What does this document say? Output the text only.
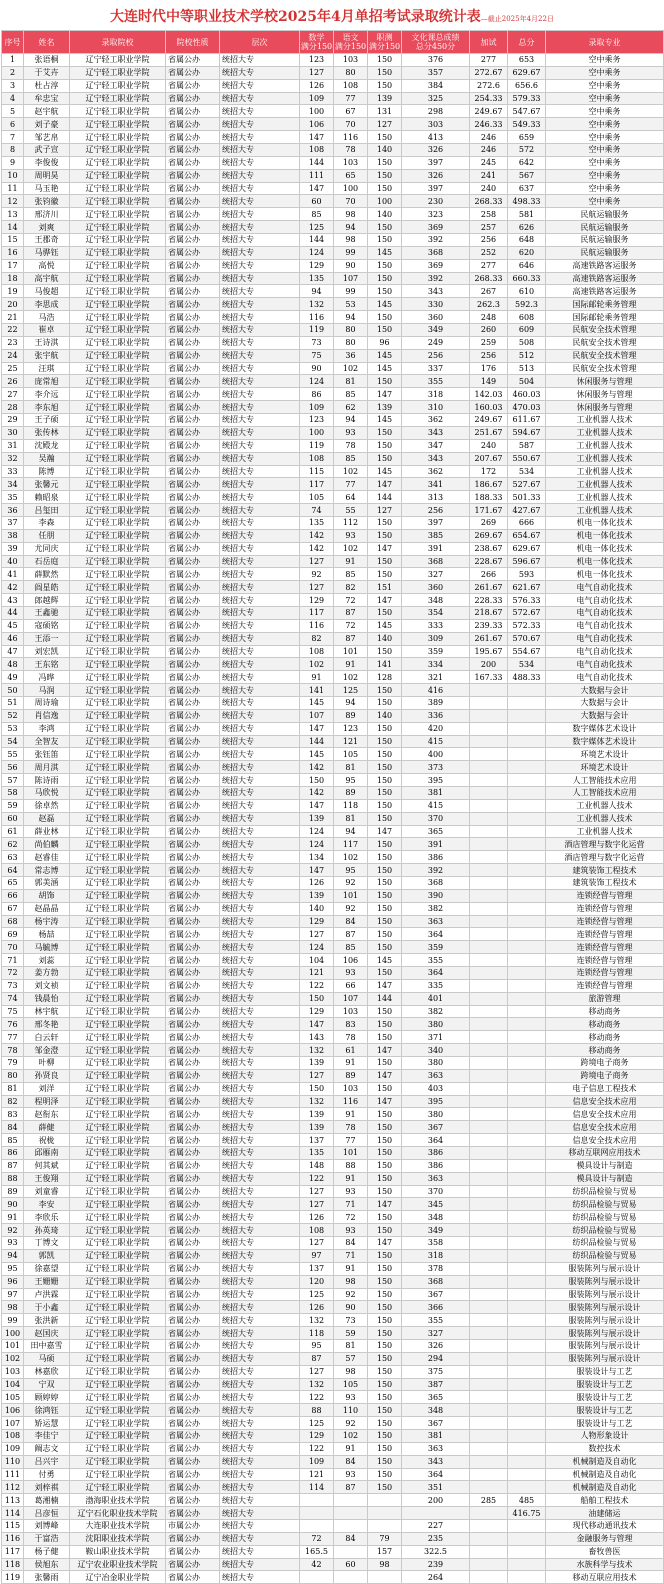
大连时代中等职业技术学校2025年4月单招考试录取统计表—截止2025年4月22日
序号	姓名	录取院校	院校性质	层次	数学
满分150	语文
满分150	职测
满分150	文化课总成绩
总分450分	加试	总分	录取专业
1	张语桐	辽宁轻工职业学院	省属公办	统招大专	123	103	150	376	277	653	空中乘务
2	于艾卉	辽宁轻工职业学院	省属公办	统招大专	127	80	150	357	272.67	629.67	空中乘务
3	杜占淳	辽宁轻工职业学院	省属公办	统招大专	126	108	150	384	272.6	656.6	空中乘务
4	牟忠宝	辽宁轻工职业学院	省属公办	统招大专	109	77	139	325	254.33	579.33	空中乘务
5	赵宇航	辽宁轻工职业学院	省属公办	统招大专	100	67	131	298	249.67	547.67	空中乘务
6	刘子豪	辽宁轻工职业学院	省属公办	统招大专	106	70	127	303	246.33	549.33	空中乘务
7	邹艺帛	辽宁轻工职业学院	省属公办	统招大专	147	116	150	413	246	659	空中乘务
8	武子宣	辽宁轻工职业学院	省属公办	统招大专	108	78	140	326	246	572	空中乘务
9	李俊俊	辽宁轻工职业学院	省属公办	统招大专	144	103	150	397	245	642	空中乘务
10	周明昊	辽宁轻工职业学院	省属公办	统招大专	111	65	150	326	241	567	空中乘务
11	马玉艳	辽宁轻工职业学院	省属公办	统招大专	147	100	150	397	240	637	空中乘务
12	张钧徽	辽宁轻工职业学院	省属公办	统招大专	60	70	100	230	268.33	498.33	空中乘务
13	邢济川	辽宁轻工职业学院	省属公办	统招大专	85	98	140	323	258	581	民航运输服务
14	刘爽	辽宁轻工职业学院	省属公办	统招大专	125	94	150	369	257	626	民航运输服务
15	王郡奇	辽宁轻工职业学院	省属公办	统招大专	144	98	150	392	256	648	民航运输服务
16	马骅钰	辽宁轻工职业学院	省属公办	统招大专	124	99	145	368	252	620	民航运输服务
17	高悦	辽宁轻工职业学院	省属公办	统招大专	129	90	150	369	277	646	高速铁路客运服务
18	高宇航	辽宁轻工职业学院	省属公办	统招大专	135	107	150	392	268.33	660.33	高速铁路客运服务
19	马俊超	辽宁轻工职业学院	省属公办	统招大专	94	99	150	343	267	610	高速铁路客运服务
20	李思成	辽宁轻工职业学院	省属公办	统招大专	132	53	145	330	262.3	592.3	国际邮轮乘务管理
21	马浩	辽宁轻工职业学院	省属公办	统招大专	116	94	150	360	248	608	国际邮轮乘务管理
22	崔卓	辽宁轻工职业学院	省属公办	统招大专	119	80	150	349	260	609	民航安全技术管理
23	王诗淇	辽宁轻工职业学院	省属公办	统招大专	73	80	96	249	259	508	民航安全技术管理
24	张宇航	辽宁轻工职业学院	省属公办	统招大专	75	36	145	256	256	512	民航安全技术管理
25	汪琪	辽宁轻工职业学院	省属公办	统招大专	90	102	145	337	176	513	民航安全技术管理
26	庞常旭	辽宁轻工职业学院	省属公办	统招大专	124	81	150	355	149	504	休闲服务与管理
27	李介远	辽宁轻工职业学院	省属公办	统招大专	86	85	147	318	142.03	460.03	休闲服务与管理
28	李东旭	辽宁轻工职业学院	省属公办	统招大专	109	62	139	310	160.03	470.03	休闲服务与管理
29	王子硕	辽宁轻工职业学院	省属公办	统招大专	123	94	145	362	249.67	611.67	工业机器人技术
30	张传林	辽宁轻工职业学院	省属公办	统招大专	100	93	150	343	251.67	594.67	工业机器人技术
31	沈殿龙	辽宁轻工职业学院	省属公办	统招大专	119	78	150	347	240	587	工业机器人技术
32	吴瀚	辽宁轻工职业学院	省属公办	统招大专	108	85	150	343	207.67	550.67	工业机器人技术
33	陈博	辽宁轻工职业学院	省属公办	统招大专	115	102	145	362	172	534	工业机器人技术
34	张馨元	辽宁轻工职业学院	省属公办	统招大专	117	77	147	341	186.67	527.67	工业机器人技术
35	赖昭泉	辽宁轻工职业学院	省属公办	统招大专	105	64	144	313	188.33	501.33	工业机器人技术
36	吕玺田	辽宁轻工职业学院	省属公办	统招大专	74	55	127	256	171.67	427.67	工业机器人技术
37	李森	辽宁轻工职业学院	省属公办	统招大专	135	112	150	397	269	666	机电一体化技术
38	任朋	辽宁轻工职业学院	省属公办	统招大专	142	93	150	385	269.67	654.67	机电一体化技术
39	尤同庆	辽宁轻工职业学院	省属公办	统招大专	142	102	147	391	238.67	629.67	机电一体化技术
40	石岳庭	辽宁轻工职业学院	省属公办	统招大专	127	91	150	368	228.67	596.67	机电一体化技术
41	薛默然	辽宁轻工职业学院	省属公办	统招大专	92	85	150	327	266	593	机电一体化技术
42	阎星皓	辽宁轻工职业学院	省属公办	统招大专	127	82	151	360	261.67	621.67	电气自动化技术
43	郎越辉	辽宁轻工职业学院	省属公办	统招大专	129	72	147	348	228.33	576.33	电气自动化技术
44	王鑫驰	辽宁轻工职业学院	省属公办	统招大专	117	87	150	354	218.67	572.67	电气自动化技术
45	寇硕铭	辽宁轻工职业学院	省属公办	统招大专	116	72	145	333	239.33	572.33	电气自动化技术
46	王添一	辽宁轻工职业学院	省属公办	统招大专	82	87	140	309	261.67	570.67	电气自动化技术
47	刘宏凯	辽宁轻工职业学院	省属公办	统招大专	108	101	150	359	195.67	554.67	电气自动化技术
48	王东铭	辽宁轻工职业学院	省属公办	统招大专	102	91	141	334	200	534	电气自动化技术
49	冯晔	辽宁轻工职业学院	省属公办	统招大专	91	102	128	321	167.33	488.33	电气自动化技术
50	马润	辽宁轻工职业学院	省属公办	统招大专	141	125	150	416			大数据与会计
51	周诗瑜	辽宁轻工职业学院	省属公办	统招大专	145	94	150	389			大数据与会计
52	肖信逸	辽宁轻工职业学院	省属公办	统招大专	107	89	140	336			大数据与会计
53	李鸿	辽宁轻工职业学院	省属公办	统招大专	147	123	150	420			数字媒体艺术设计
54	全智友	辽宁轻工职业学院	省属公办	统招大专	144	121	150	415			数字媒体艺术设计
55	张钰笛	辽宁轻工职业学院	省属公办	统招大专	145	105	150	400			环境艺术设计
56	周月淇	辽宁轻工职业学院	省属公办	统招大专	142	81	150	373			环境艺术设计
57	陈诗雨	辽宁轻工职业学院	省属公办	统招大专	150	95	150	395			人工智能技术应用
58	马欣悦	辽宁轻工职业学院	省属公办	统招大专	142	89	150	381			人工智能技术应用
59	徐卓然	辽宁轻工职业学院	省属公办	统招大专	147	118	150	415			工业机器人技术
60	赵磊	辽宁轻工职业学院	省属公办	统招大专	139	81	150	370			工业机器人技术
61	薛业林	辽宁轻工职业学院	省属公办	统招大专	124	94	147	365			工业机器人技术
62	尚伯麟	辽宁轻工职业学院	省属公办	统招大专	124	117	150	391			酒店管理与数字化运营
63	赵睿佳	辽宁轻工职业学院	省属公办	统招大专	134	102	150	386			酒店管理与数字化运营
64	常志博	辽宁轻工职业学院	省属公办	统招大专	147	95	150	392			建筑装饰工程技术
65	郭美涵	辽宁轻工职业学院	省属公办	统招大专	126	92	150	368			建筑装饰工程技术
66	胡饰	辽宁轻工职业学院	省属公办	统招大专	139	101	150	390			连锁经营与管理
67	赵晶晶	辽宁轻工职业学院	省属公办	统招大专	140	92	150	382			连锁经营与管理
68	杨宇涛	辽宁轻工职业学院	省属公办	统招大专	129	84	150	363			连锁经营与管理
69	杨喆	辽宁轻工职业学院	省属公办	统招大专	127	87	150	364			连锁经营与管理
70	马毓博	辽宁轻工职业学院	省属公办	统招大专	124	85	150	359			连锁经营与管理
71	刘蕊	辽宁轻工职业学院	省属公办	统招大专	104	106	145	355			连锁经营与管理
72	姜方勃	辽宁轻工职业学院	省属公办	统招大专	121	93	150	364			连锁经营与管理
73	刘文祯	辽宁轻工职业学院	省属公办	统招大专	122	66	147	335			连锁经营与管理
74	钱晨怡	辽宁轻工职业学院	省属公办	统招大专	150	107	144	401			旅游管理
75	林宇航	辽宁轻工职业学院	省属公办	统招大专	129	103	150	382			移动商务
76	邢冬艳	辽宁轻工职业学院	省属公办	统招大专	147	83	150	380			移动商务
77	白云轩	辽宁轻工职业学院	省属公办	统招大专	143	78	150	371			移动商务
78	邹金澄	辽宁轻工职业学院	省属公办	统招大专	132	61	147	340			移动商务
79	叶柳	辽宁轻工职业学院	省属公办	统招大专	139	91	150	380			跨境电子商务
80	孙贤良	辽宁轻工职业学院	省属公办	统招大专	127	89	147	363			跨境电子商务
81	刘洋	辽宁轻工职业学院	省属公办	统招大专	150	103	150	403			电子信息工程技术
82	程明泽	辽宁轻工职业学院	省属公办	统招大专	132	116	147	395			信息安全技术应用
83	赵衔东	辽宁轻工职业学院	省属公办	统招大专	139	91	150	380			信息安全技术应用
84	薛健	辽宁轻工职业学院	省属公办	统招大专	139	78	150	367			信息安全技术应用
85	祝栊	辽宁轻工职业学院	省属公办	统招大专	137	77	150	364			信息安全技术应用
86	邱雁南	辽宁轻工职业学院	省属公办	统招大专	135	101	150	386			移动互联网应用技术
87	何其斌	辽宁轻工职业学院	省属公办	统招大专	148	88	150	386			模具设计与制造
88	王俊翔	辽宁轻工职业学院	省属公办	统招大专	122	91	150	363			模具设计与制造
89	刘童睿	辽宁轻工职业学院	省属公办	统招大专	127	93	150	370			纺织品检验与贸易
90	李安	辽宁轻工职业学院	省属公办	统招大专	127	71	147	345			纺织品检验与贸易
91	李欣乐	辽宁轻工职业学院	省属公办	统招大专	126	72	150	348			纺织品检验与贸易
92	孙英琦	辽宁轻工职业学院	省属公办	统招大专	108	93	150	349			纺织品检验与贸易
93	丁博文	辽宁轻工职业学院	省属公办	统招大专	127	84	147	358			纺织品检验与贸易
94	郭凯	辽宁轻工职业学院	省属公办	统招大专	97	71	150	318			纺织品检验与贸易
95	徐嘉望	辽宁轻工职业学院	省属公办	统招大专	137	91	150	378			服装陈列与展示设计
96	王姗姗	辽宁轻工职业学院	省属公办	统招大专	120	98	150	368			服装陈列与展示设计
97	卢洪霖	辽宁轻工职业学院	省属公办	统招大专	125	92	150	367			服装陈列与展示设计
98	于小鑫	辽宁轻工职业学院	省属公办	统招大专	126	90	150	366			服装陈列与展示设计
99	张洪新	辽宁轻工职业学院	省属公办	统招大专	132	73	150	355			服装陈列与展示设计
100	赵国庆	辽宁轻工职业学院	省属公办	统招大专	118	59	150	327			服装陈列与展示设计
101	田中嘉雪	辽宁轻工职业学院	省属公办	统招大专	95	81	150	326			服装陈列与展示设计
102	马硕	辽宁轻工职业学院	省属公办	统招大专	87	57	150	294			服装陈列与展示设计
103	林嘉欣	辽宁轻工职业学院	省属公办	统招大专	127	98	150	375			服装设计与工艺
104	宁双	辽宁轻工职业学院	省属公办	统招大专	132	105	150	387			服装设计与工艺
105	顾婷婷	辽宁轻工职业学院	省属公办	统招大专	122	93	150	365			服装设计与工艺
106	徐鸿钰	辽宁轻工职业学院	省属公办	统招大专	88	110	150	348			服装设计与工艺
107	矫运慧	辽宁轻工职业学院	省属公办	统招大专	125	92	150	367			服装设计与工艺
108	李佳宁	辽宁轻工职业学院	省属公办	统招大专	129	102	150	381			人物形象设计
109	阚志文	辽宁轻工职业学院	省属公办	统招大专	122	91	150	363			数控技术
110	吕兴宇	辽宁轻工职业学院	省属公办	统招大专	109	84	150	343			机械制造及自动化
111	付勇	辽宁轻工职业学院	省属公办	统招大专	121	93	150	364			机械制造及自动化
112	刘梓祺	辽宁轻工职业学院	省属公办	统招大专	114	87	150	351			机械制造及自动化
113	葛湘楠	渤海职业技术学院	省属公办	统招大专				200	285	485	船舶工程技术
114	吕彦恒	辽宁石化职业技术学院	省属公办	统招大专						416.75	油建储运
115	刘博峰	大连职业技术学院	市属公办	统招大专				227			现代移动通讯技术
116	于富浩	沈阳职业技术学院	省属公办	统招大专	72	84	79	235			金融服务与管理
117	杨子健	鞍山职业技术学院	省属公办	统招大专	165.5		157	322.5			畜牧兽医
118	侯旭东	辽宁农业职业技术学院	省属公办	统招大专	42	60	98	239			水族科学与技术
119	张馨雨	辽宁冶金职业学院	省属公办	统招大专				264			移动互联应用技术
